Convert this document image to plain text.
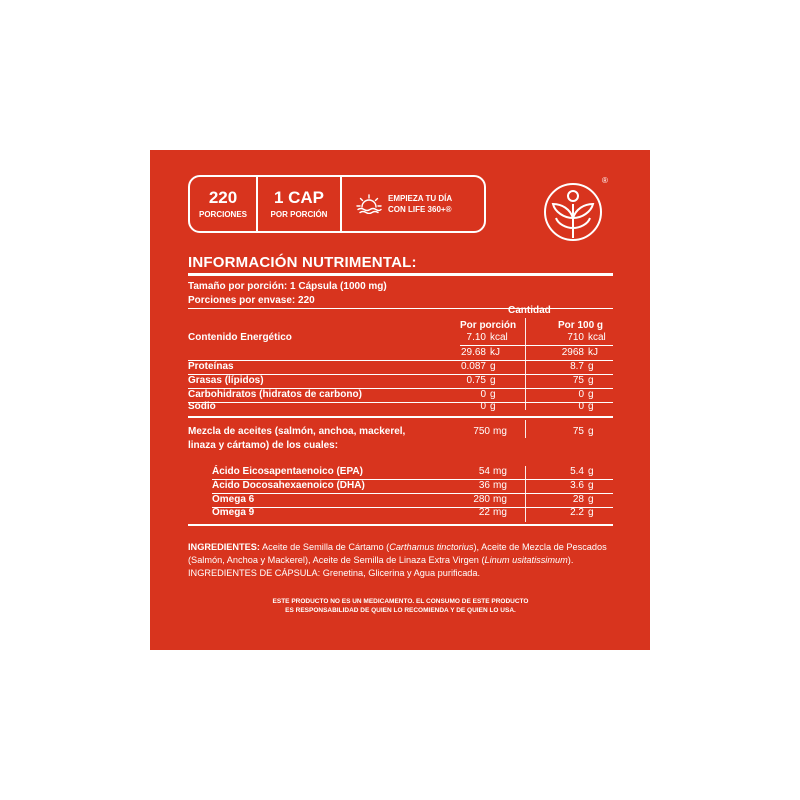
220
PORCIONES
1 CAP
POR PORCIÓN
EMPIEZA TU DÍA
CON LIFE 360+®
®
INFORMACIÓN NUTRIMENTAL:
Tamaño por porción: 1 Cápsula (1000 mg)
Porciones por envase: 220
Cantidad
Por porción	Por 100 g
Contenido Energético	7.10 kcal	710 kcal
29.68 kJ	2968 kJ
Proteínas	0.087 g	8.7 g
Grasas (lípidos)	0.75 g	75 g
Carbohidratos (hidratos de carbono)	0 g	0 g
Sodio	0 g	0 g
Mezcla de aceites (salmón, anchoa, mackerel,
linaza y cártamo) de los cuales:
750 mg	75 g
Ácido Eicosapentaenoico (EPA)	54 mg	5.4 g
Ácido Docosahexaenoico (DHA)	36 mg	3.6 g
Omega 6	280 mg	28 g
Omega 9	22 mg	2.2 g
INGREDIENTES: Aceite de Semilla de Cártamo (Carthamus tinctorius), Aceite de Mezcla de Pescados (Salmón, Anchoa y Mackerel), Aceite de Semilla de Linaza Extra Virgen (Linum usitatissimum). INGREDIENTES DE CÁPSULA: Grenetina, Glicerina y Agua purificada.
ESTE PRODUCTO NO ES UN MEDICAMENTO. EL CONSUMO DE ESTE PRODUCTO
ES RESPONSABILIDAD DE QUIEN LO RECOMIENDA Y DE QUIEN LO USA.
